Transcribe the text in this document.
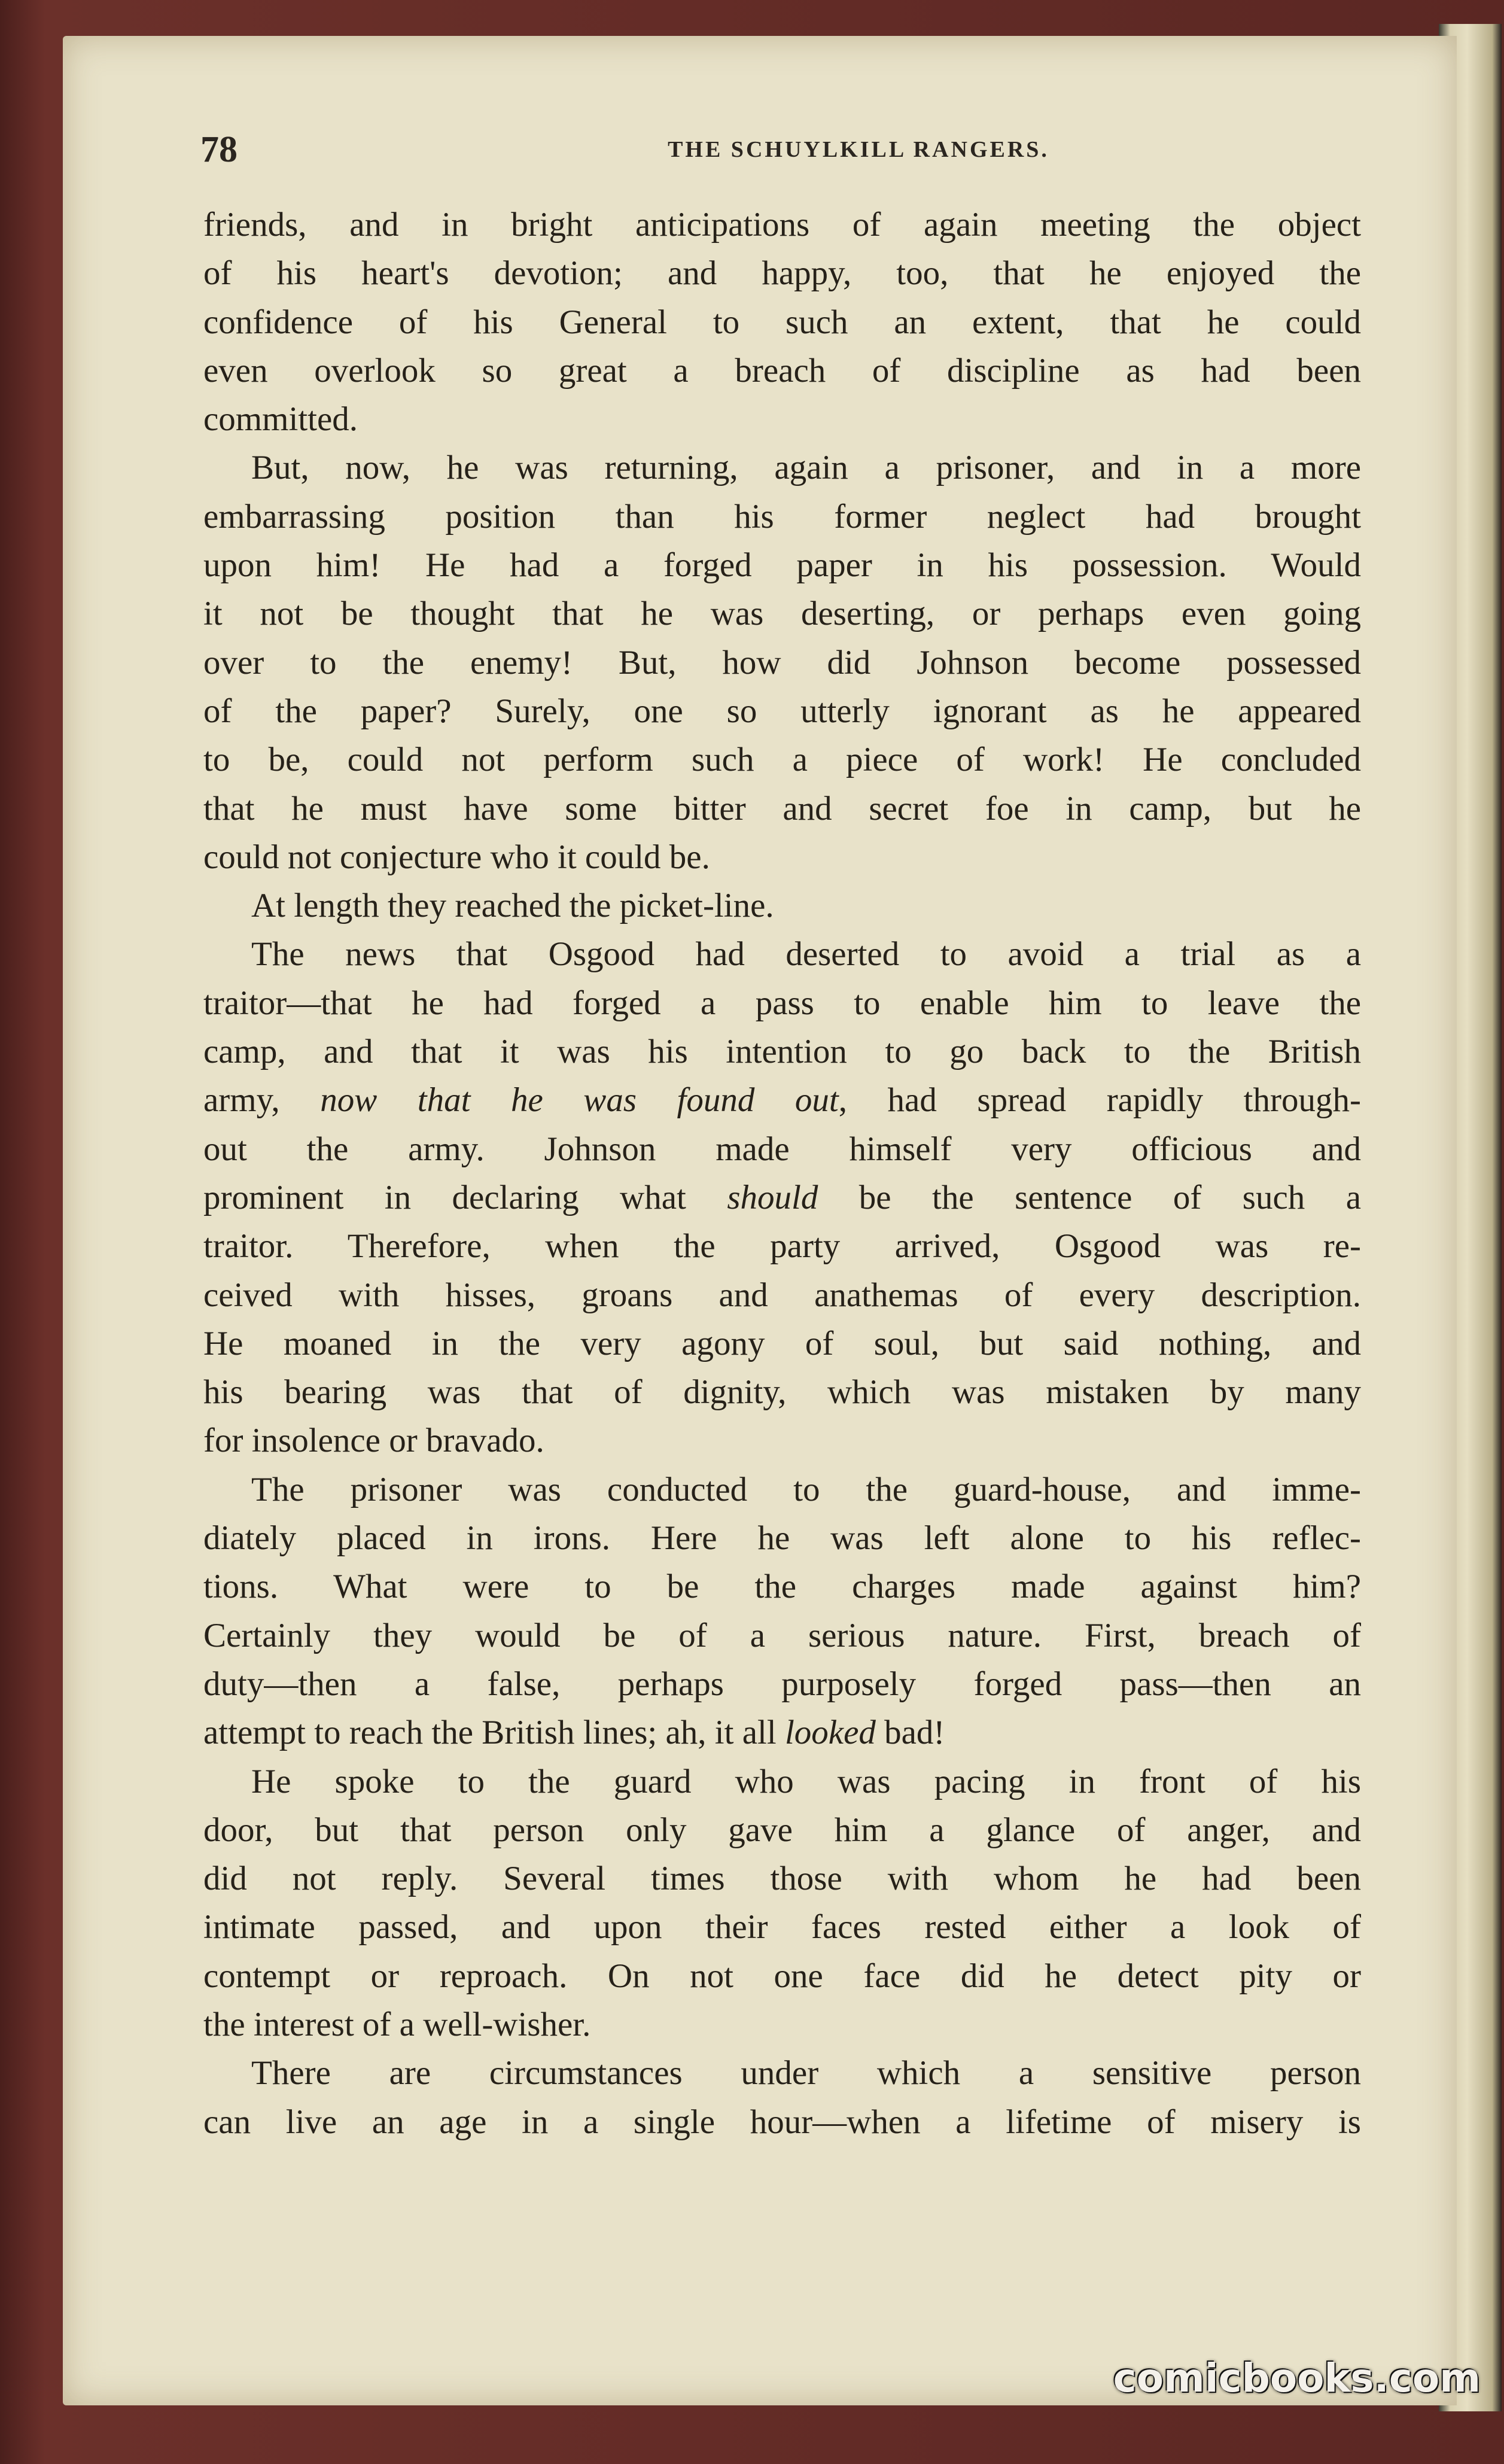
78	THE SCHUYLKILL RANGERS.
friends, and in bright anticipations of again meeting the object
of his heart's devotion; and happy, too, that he enjoyed the
confidence of his General to such an extent, that he could
even overlook so great a breach of discipline as had been
committed.
But, now, he was returning, again a prisoner, and in a more
embarrassing position than his former neglect had brought
upon him! He had a forged paper in his possession. Would
it not be thought that he was deserting, or perhaps even going
over to the enemy! But, how did Johnson become possessed
of the paper? Surely, one so utterly ignorant as he appeared
to be, could not perform such a piece of work! He concluded
that he must have some bitter and secret foe in camp, but he
could not conjecture who it could be.
At length they reached the picket-line.
The news that Osgood had deserted to avoid a trial as a
traitor—that he had forged a pass to enable him to leave the
camp, and that it was his intention to go back to the British
army, now that he was found out, had spread rapidly through-
out the army. Johnson made himself very officious and
prominent in declaring what should be the sentence of such a
traitor. Therefore, when the party arrived, Osgood was re-
ceived with hisses, groans and anathemas of every description.
He moaned in the very agony of soul, but said nothing, and
his bearing was that of dignity, which was mistaken by many
for insolence or bravado.
The prisoner was conducted to the guard-house, and imme-
diately placed in irons. Here he was left alone to his reflec-
tions. What were to be the charges made against him?
Certainly they would be of a serious nature. First, breach of
duty—then a false, perhaps purposely forged pass—then an
attempt to reach the British lines; ah, it all looked bad!
He spoke to the guard who was pacing in front of his
door, but that person only gave him a glance of anger, and
did not reply. Several times those with whom he had been
intimate passed, and upon their faces rested either a look of
contempt or reproach. On not one face did he detect pity or
the interest of a well-wisher.
There are circumstances under which a sensitive person
can live an age in a single hour—when a lifetime of misery is
comicbooks.com
